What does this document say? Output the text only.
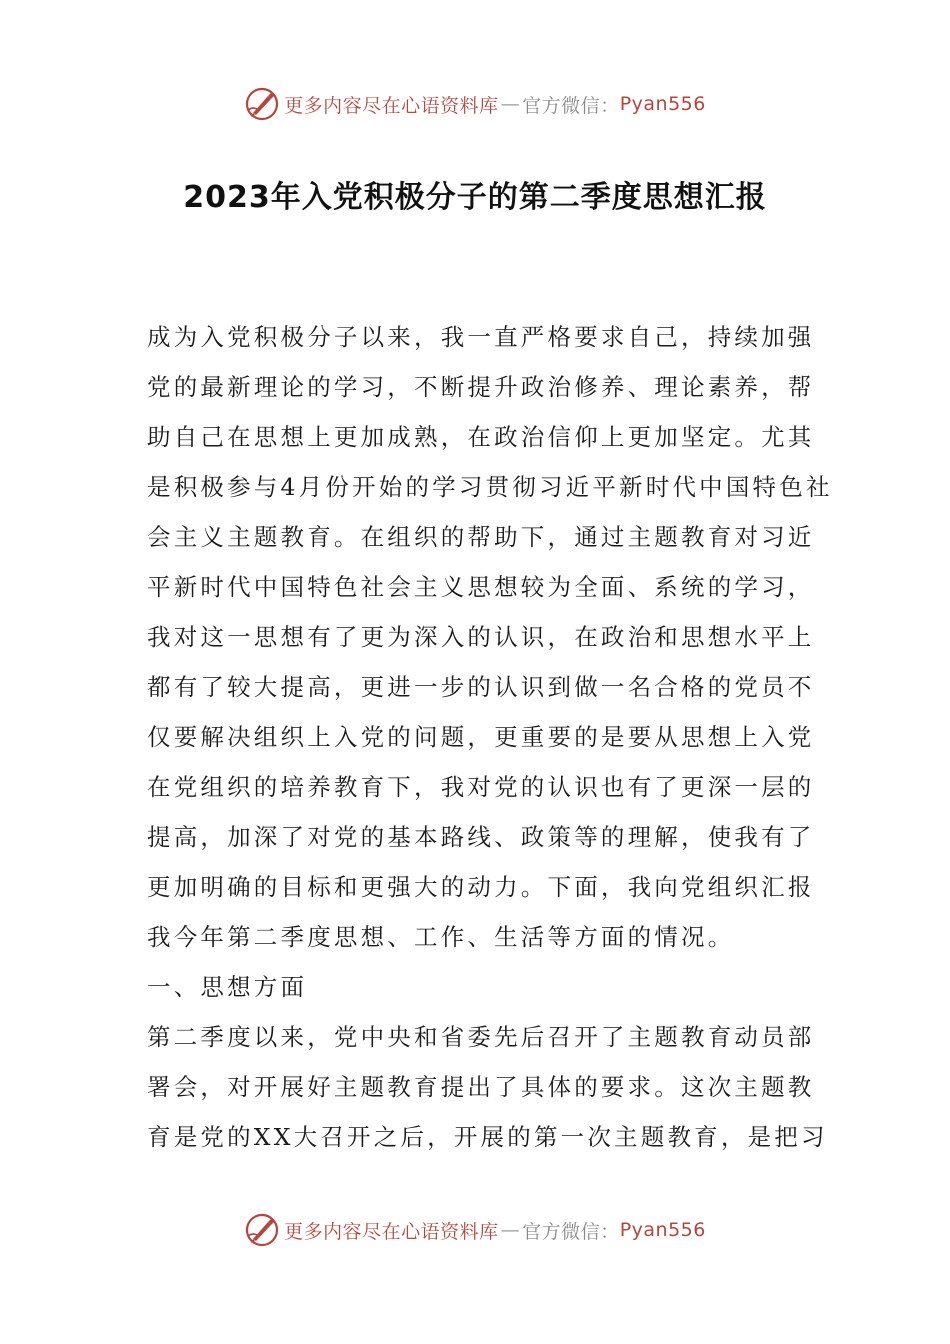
更多内容尽在心语资料库 — 官方微信： Pyan556
2023年入党积极分子的第二季度思想汇报
成为入党积极分子以来，我一直严格要求自己，持续加强
党的最新理论的学习，不断提升政治修养、理论素养，帮
助自己在思想上更加成熟，在政治信仰上更加坚定。尤其
是积极参与4月份开始的学习贯彻习近平新时代中国特色社
会主义主题教育。在组织的帮助下，通过主题教育对习近
平新时代中国特色社会主义思想较为全面、系统的学习，
我对这一思想有了更为深入的认识，在政治和思想水平上
都有了较大提高，更进一步的认识到做一名合格的党员不
仅要解决组织上入党的问题，更重要的是要从思想上入党
在党组织的培养教育下，我对党的认识也有了更深一层的
提高，加深了对党的基本路线、政策等的理解，使我有了
更加明确的目标和更强大的动力。下面，我向党组织汇报
我今年第二季度思想、工作、生活等方面的情况。
一、思想方面
第二季度以来，党中央和省委先后召开了主题教育动员部
署会，对开展好主题教育提出了具体的要求。这次主题教
育是党的XX大召开之后，开展的第一次主题教育，是把习
更多内容尽在心语资料库 — 官方微信： Pyan556
